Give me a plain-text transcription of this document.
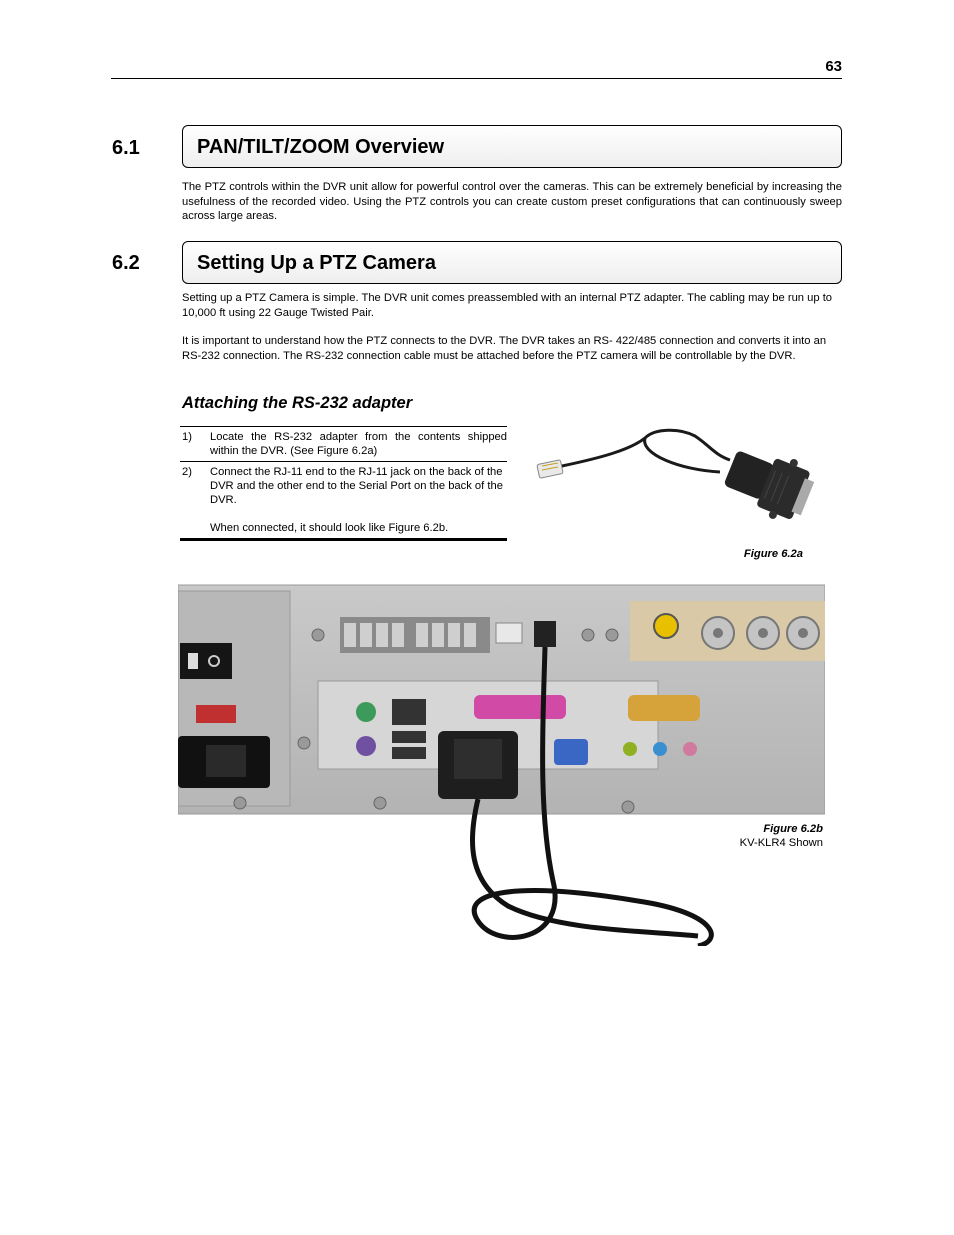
63
6.1	PAN/TILT/ZOOM Overview
The PTZ controls within the DVR unit allow for powerful control over the cameras. This can be extremely beneficial by increasing the usefulness of the recorded video. Using the PTZ controls you can create custom preset configurations that can continuously sweep across large areas.
6.2	Setting Up a PTZ Camera
Setting up a PTZ Camera is simple. The DVR unit comes preassembled with an internal PTZ adapter. The cabling may be run up to 10,000 ft using 22 Gauge Twisted Pair.
It is important to understand how the PTZ connects to the DVR. The DVR takes an RS- 422/485 connection and converts it into an RS-232 connection. The RS-232 connection cable must be attached before the PTZ camera will be controllable by the DVR.
Attaching the RS-232 adapter
1) Locate the RS-232 adapter from the contents shipped within the DVR. (See Figure 6.2a)
2) Connect the RJ-11 end to the RJ-11 jack on the back of the DVR and the other end to the Serial Port on the back of the DVR.
When connected, it should look like Figure 6.2b.
Figure 6.2a
Figure 6.2b
KV-KLR4 Shown
